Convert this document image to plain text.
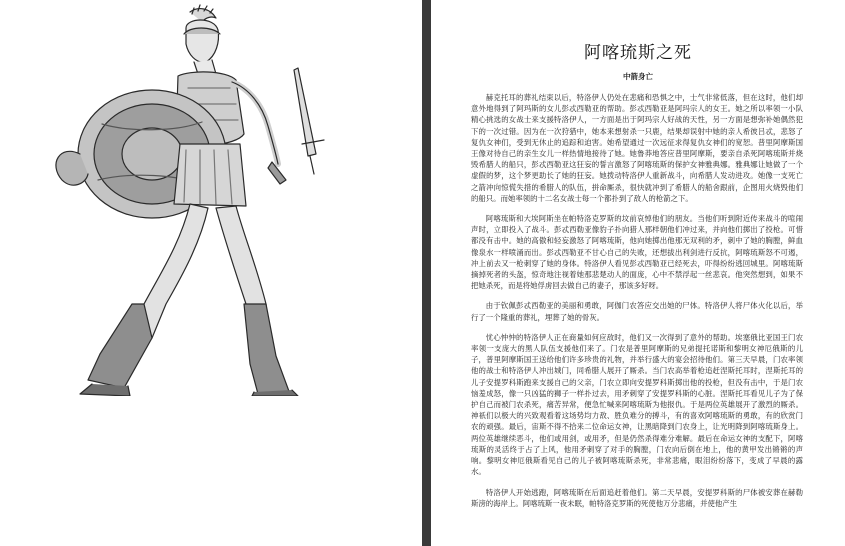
阿喀琉斯之死
中箭身亡

赫克托耳的葬礼结束以后，特洛伊人仍处在悲痛和恐惧之中，士气非常低落，但在这时，他们却意外地得到了阿玛斯的女儿彭忒西勒亚的帮助。彭忒西勒亚是阿玛宗人的女王。她之所以率领一小队精心挑选的女战士来支援特洛伊人，一方面是出于阿玛宗人好战的天性，另一方面是想弥补她偶然犯下的一次过错。因为在一次狩猎中，她本来想射杀一只鹿，结果却误射中她的亲人希彼吕忒，悲怒了复仇女神们，受到无休止的追踪和迫害。她希望通过一次远征求得复仇女神们的宽恕。普里阿摩斯国王像对待自己的亲生女儿一样热情地接待了她。她鲁莽地答应普里阿摩斯，要亲自杀死阿喀琉斯并烧毁希腊人的船只，彭忒西勒亚这狂妄的誓言激怒了阿喀琉斯的保护女神雅典娜。雅典娜让她做了一个虚假的梦，这个梦更助长了她的狂妄。她拨动特洛伊人重新战斗，向希腊人发动进攻。她像一支死亡之箭冲向惊慌失措的希腊人的队伍，拼命厮杀，很快就冲到了希腊人的船舍跟前，企图用火烧毁他们的船只。而她率领的十二名女战士每一个都扑到了敌人的枪箭之下。

阿喀琉斯和大埃阿斯坐在帕特洛克罗斯的坟前哀悼他们的朋友。当他们听到附近传来战斗的喧闹声时，立即投入了战斗。彭忒西勒亚像豹子扑向猎人那样朝他们冲过来，并向他们掷出了投枪。可惜都没有击中。她的高傲和轻妄激怒了阿喀琉斯，他向她掷出他那无双利的矛，刺中了她的胸膛，鲜血像泉水一样喷涌而出。彭忒西勒亚不甘心自己的失败，还想拔出利剑进行反抗，阿喀琉斯怒不可遏，冲上前去又一枪刺穿了她的身体。特洛伊人看见彭忒西勒亚已经死去，吓得纷纷逃回城里。阿喀琉斯摘掉死者的头盔，惊奇地注视着她那悲楚动人的面庞，心中不禁浮起一丝悲哀。他突然想到，如果不把她杀死，而是将她俘虏回去做自己的妻子，那该多好呀。

由于钦佩彭忒西勒亚的美丽和勇敢，阿伽门农答应交出她的尸体。特洛伊人将尸体火化以后，举行了一个隆重的葬礼，埋葬了她的骨灰。

忧心忡忡的特洛伊人正在商量如何应敌时，他们又一次得到了意外的帮助。埃塞俄比亚国王门农率领一支庞大的黑人队伍支援他们来了。门农是普里阿摩斯的兄弟提托诺斯和黎明女神厄俄斯的儿子，普里阿摩斯国王送给他们许多珍贵的礼物，并举行盛大的宴会招待他们。第三天早晨，门农率领他的战士和特洛伊人冲出城门，同希腊人展开了厮杀。当门农高举着枪追赶涅斯托耳时，涅斯托耳的儿子安提罗科斯跑来支援自己的父亲，门农立即向安提罗科斯掷出他的投枪，但没有击中，于是门农恼羞成怒，像一只凶猛的狮子一样扑过去，用矛刺穿了安提罗科斯的心脏。涅斯托耳看见儿子为了保护自己而被门农杀死，痛苦异常，便急忙喊来阿喀琉斯为他报仇。于是两位英雄展开了激烈的厮杀。神祇们以极大的兴致观看着这场势均力敌、胜负难分的搏斗，有的喜欢阿喀琉斯的勇敢，有的欣赏门农的顽强。最后，宙斯不得不拾来二位命运女神，让黑暗降到门农身上，让光明降到阿喀琉斯身上。两位英雄继续恶斗，他们或用剑，或用矛，但是仍然杀得难分难解。最后在命运女神的支配下，阿喀琉斯的灵活终于占了上风，他用矛刺穿了对手的胸膛，门农向后倒在地上，他的黄甲发出锵锵的声响。黎明女神厄俄斯看见自己的儿子被阿喀琉斯杀死，非常悲痛，眼泪纷纷落下，变成了早晨的露水。

特洛伊人开始逃跑，阿喀琉斯在后面追赶着他们。第二天早晨，安提罗科斯的尸体被安葬在赫勒斯滂的海岸上。阿喀琉斯一夜未眠，帕特洛克罗斯的死使他万分悲痛，并使他产生
